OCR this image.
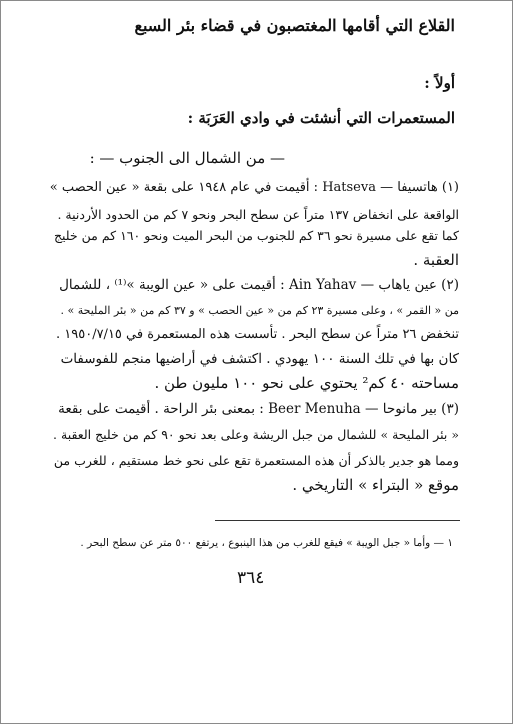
القلاع التي أقامها المغتصبون في قضاء بئر السبع
أولاً :
المستعمرات التي أنشئت في وادي العَرَبَة :
— من الشمال الى الجنوب — :
(١) هاتسيفا — Hatseva : أقيمت في عام ١٩٤٨ على بقعة « عين الحصب »
الواقعة على انخفاض ١٣٧ متراً عن سطح البحر ونحو ٧ كم من الحدود الأردنية .
كما تقع على مسيرة نحو ٣٦ كم للجنوب من البحر الميت ونحو ١٦٠ كم من خليج
العقبة .
(٢) عين ياهاب — Ain Yahav : أقيمت على « عين الويبة »⁽¹⁾ ، للشمال
من « القمر » ، وعلى مسيرة ٢٣ كم من « عين الحصب » و ٣٧ كم من « بئر المليحة » .
تنخفض ٢٦ متراً عن سطح البحر . تأسست هذه المستعمرة في ١٩٥٠/٧/١٥ .
كان بها في تلك السنة ١٠٠ يهودي . اكتشف في أراضيها منجم للفوسفات
مساحته ٤٠ كم² يحتوي على نحو ١٠٠ مليون طن .
(٣) بير مانوحا — Beer Menuha : بمعنى بئر الراحة . أقيمت على بقعة
« بئر المليحة » للشمال من جبل الريشة وعلى بعد نحو ٩٠ كم من خليج العقبة .
ومما هو جدير بالذكر أن هذه المستعمرة تقع على نحو خط مستقيم ، للغرب من
موقع « البتراء » التاريخي .
١ — وأما « جبل الويبة » فيقع للغرب من هذا الينبوع ، يرتفع ٥٠٠ متر عن سطح البحر .
٣٦٤
